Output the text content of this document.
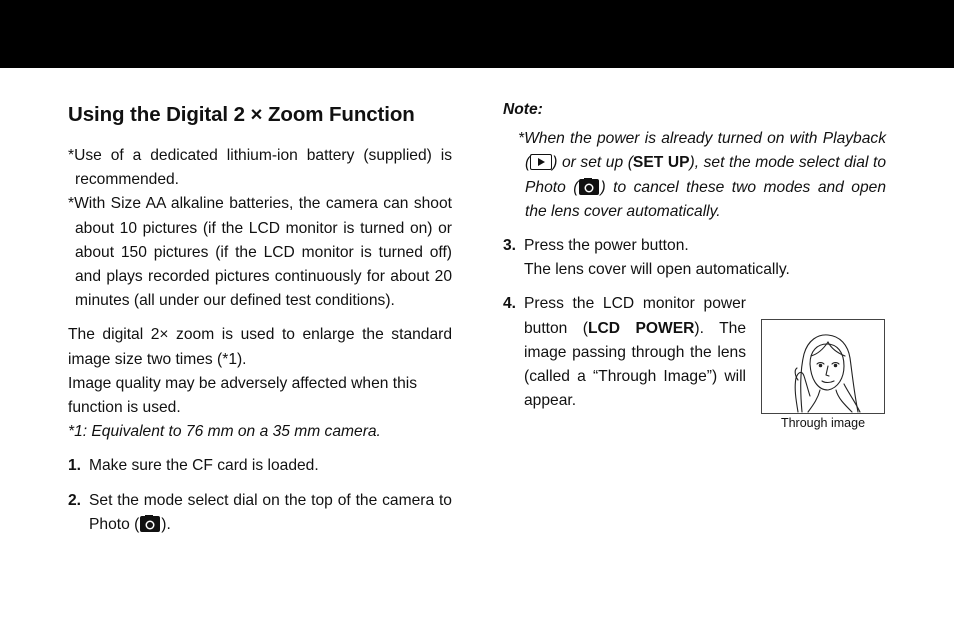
Using the Digital 2 × Zoom Function

*Use of a dedicated lithium-ion battery (supplied) is recommended.

*With Size AA alkaline batteries, the camera can shoot about 10 pictures (if the LCD monitor is turned on) or about 150 pictures (if the LCD monitor is turned off) and plays recorded pictures continuously for about 20 minutes (all under our defined test conditions).

The digital 2× zoom is used to enlarge the standard image size two times (*1).

Image quality may be adversely affected when this function is used.

*1: Equivalent to 76 mm on a 35 mm camera.

1. Make sure the CF card is loaded.
2. Set the mode select dial on the top of the camera to Photo ( ).

Note:

*When the power is already turned on with Playback ( ) or set up (SET UP), set the mode select dial to Photo ( ) to cancel these two modes and open the lens cover automatically.

3. Press the power button.
The lens cover will open automatically.
4. Press the LCD monitor power button (LCD POWER). The image passing through the lens (called a “Through Image”) will appear.
Through image
